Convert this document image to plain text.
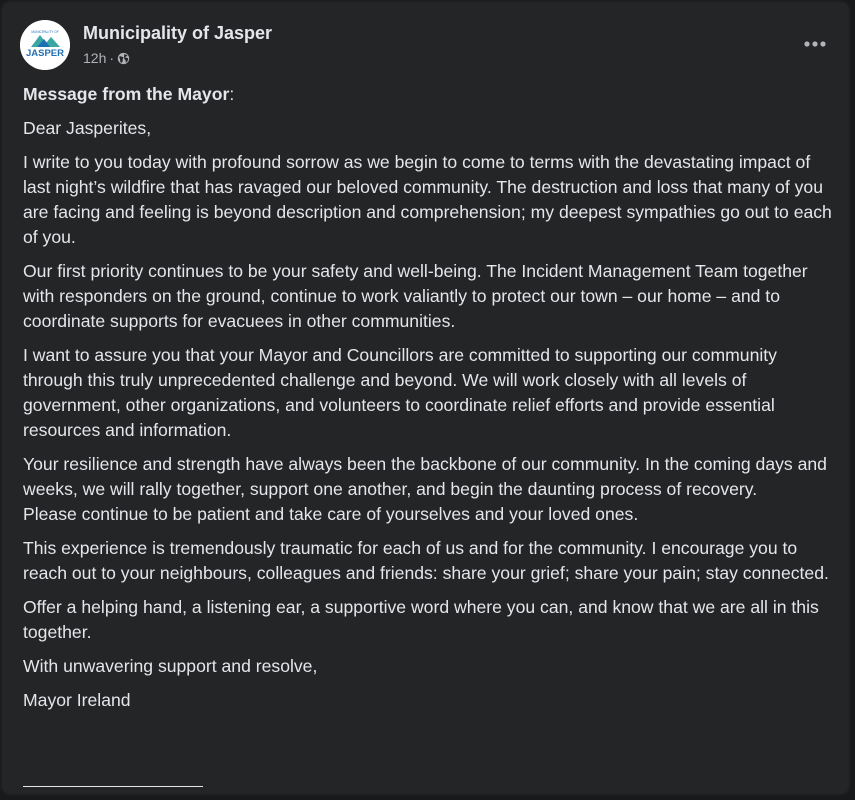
MUNICIPALITY OF
JASPER
Municipality of Jasper
12h ·

Message from the Mayor:

Dear Jasperites,

I write to you today with profound sorrow as we begin to come to terms with the devastating impact of last night’s wildfire that has ravaged our beloved community. The destruction and loss that many of you are facing and feeling is beyond description and comprehension; my deepest sympathies go out to each of you.

Our first priority continues to be your safety and well-being. The Incident Management Team together with responders on the ground, continue to work valiantly to protect our town – our home – and to coordinate supports for evacuees in other communities.

I want to assure you that your Mayor and Councillors are committed to supporting our community through this truly unprecedented challenge and beyond. We will work closely with all levels of government, other organizations, and volunteers to coordinate relief efforts and provide essential resources and information.

Your resilience and strength have always been the backbone of our community. In the coming days and weeks, we will rally together, support one another, and begin the daunting process of recovery.

Please continue to be patient and take care of yourselves and your loved ones.

This experience is tremendously traumatic for each of us and for the community. I encourage you to reach out to your neighbours, colleagues and friends: share your grief; share your pain; stay connected.

Offer a helping hand, a listening ear, a supportive word where you can, and know that we are all in this together.

With unwavering support and resolve,

Mayor Ireland
